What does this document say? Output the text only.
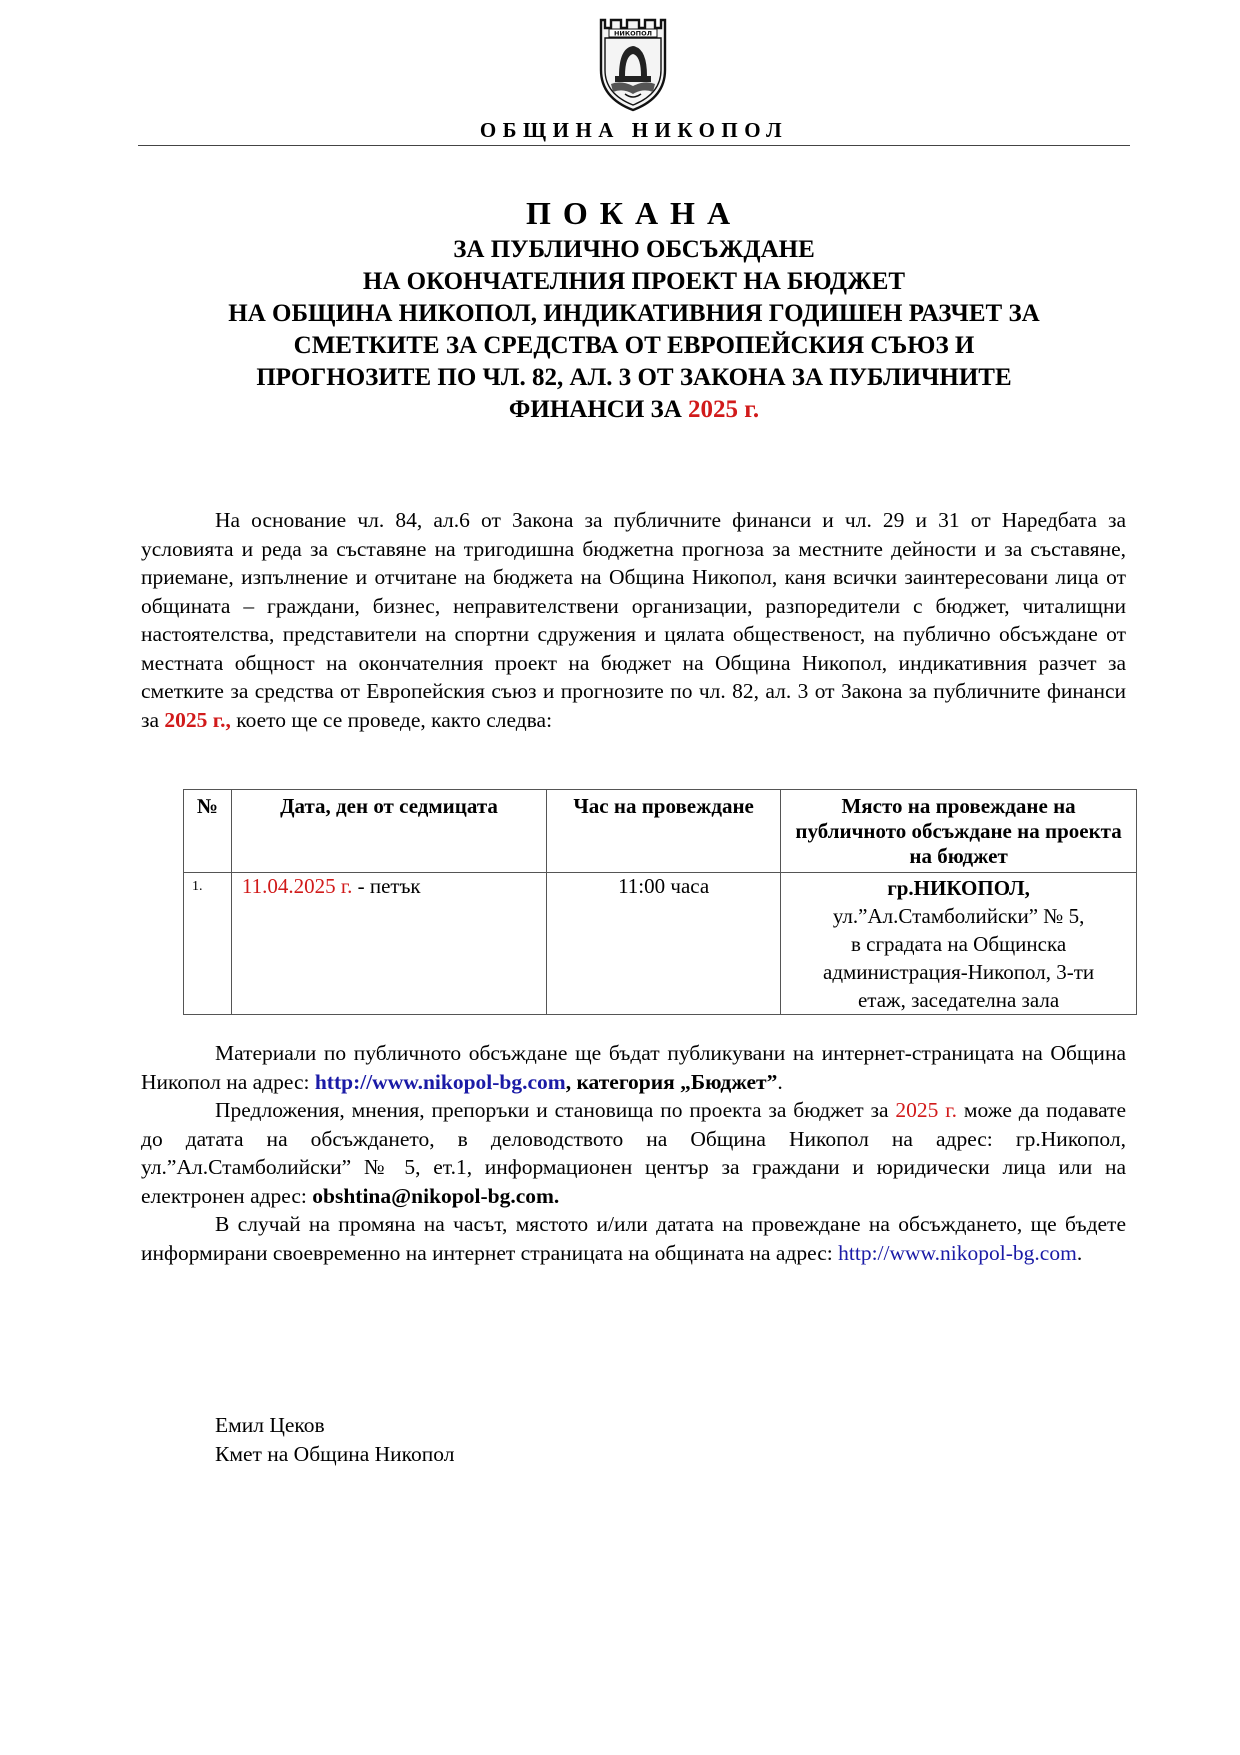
НИКОПОЛ
ОБЩИНА НИКОПОЛ
ПОКАНА
ЗА ПУБЛИЧНО ОБСЪЖДАНЕ
НА ОКОНЧАТЕЛНИЯ ПРОЕКТ НА БЮДЖЕТ
НА ОБЩИНА НИКОПОЛ, ИНДИКАТИВНИЯ ГОДИШЕН РАЗЧЕТ ЗА
СМЕТКИТЕ ЗА СРЕДСТВА ОТ ЕВРОПЕЙСКИЯ СЪЮЗ И
ПРОГНОЗИТЕ ПО ЧЛ. 82, АЛ. 3 ОТ ЗАКОНА ЗА ПУБЛИЧНИТЕ
ФИНАНСИ ЗА 2025 г.
На основание чл. 84, ал.6 от Закона за публичните финанси и чл. 29 и 31 от Наредбата за условията и реда за съставяне на тригодишна бюджетна прогноза за местните дейности и за съставяне, приемане, изпълнение и отчитане на бюджета на Община Никопол, каня всички заинтересовани лица от общината – граждани, бизнес, неправителствени организации, разпоредители с бюджет, читалищни настоятелства, представители на спортни сдружения и цялата общественост, на публично обсъждане от местната общност на окончателния проект на бюджет на Община Никопол, индикативния разчет за сметките за средства от Европейския съюз и прогнозите по чл. 82, ал. 3 от Закона за публичните финанси за 2025 г., което ще се проведе, както следва:
№	Дата, ден от седмицата	Час на провеждане	Място на провеждане на публичното обсъждане на проекта на бюджет
1.	11.04.2025 г. - петък	11:00 часа	гр.НИКОПОЛ,
ул.”Ал.Стамболийски” № 5,
в сградата на Общинска
администрация-Никопол, 3-ти
етаж, заседателна зала
Материали по публичното обсъждане ще бъдат публикувани на интернет-страницата на Община Никопол на адрес: http://www.nikopol-bg.com, категория „Бюджет”.
Предложения, мнения, препоръки и становища по проекта за бюджет за 2025 г. може да подавате до датата на обсъждането, в деловодството на Община Никопол на адрес: гр.Никопол, ул.”Ал.Стамболийски” № 5, ет.1, информационен център за граждани и юридически лица или на електронен адрес: obshtina@nikopol-bg.com.
В случай на промяна на часът, мястото и/или датата на провеждане на обсъждането, ще бъдете информирани своевременно на интернет страницата на общината на адрес: http://www.nikopol-bg.com.
Емил Цеков
Кмет на Община Никопол
